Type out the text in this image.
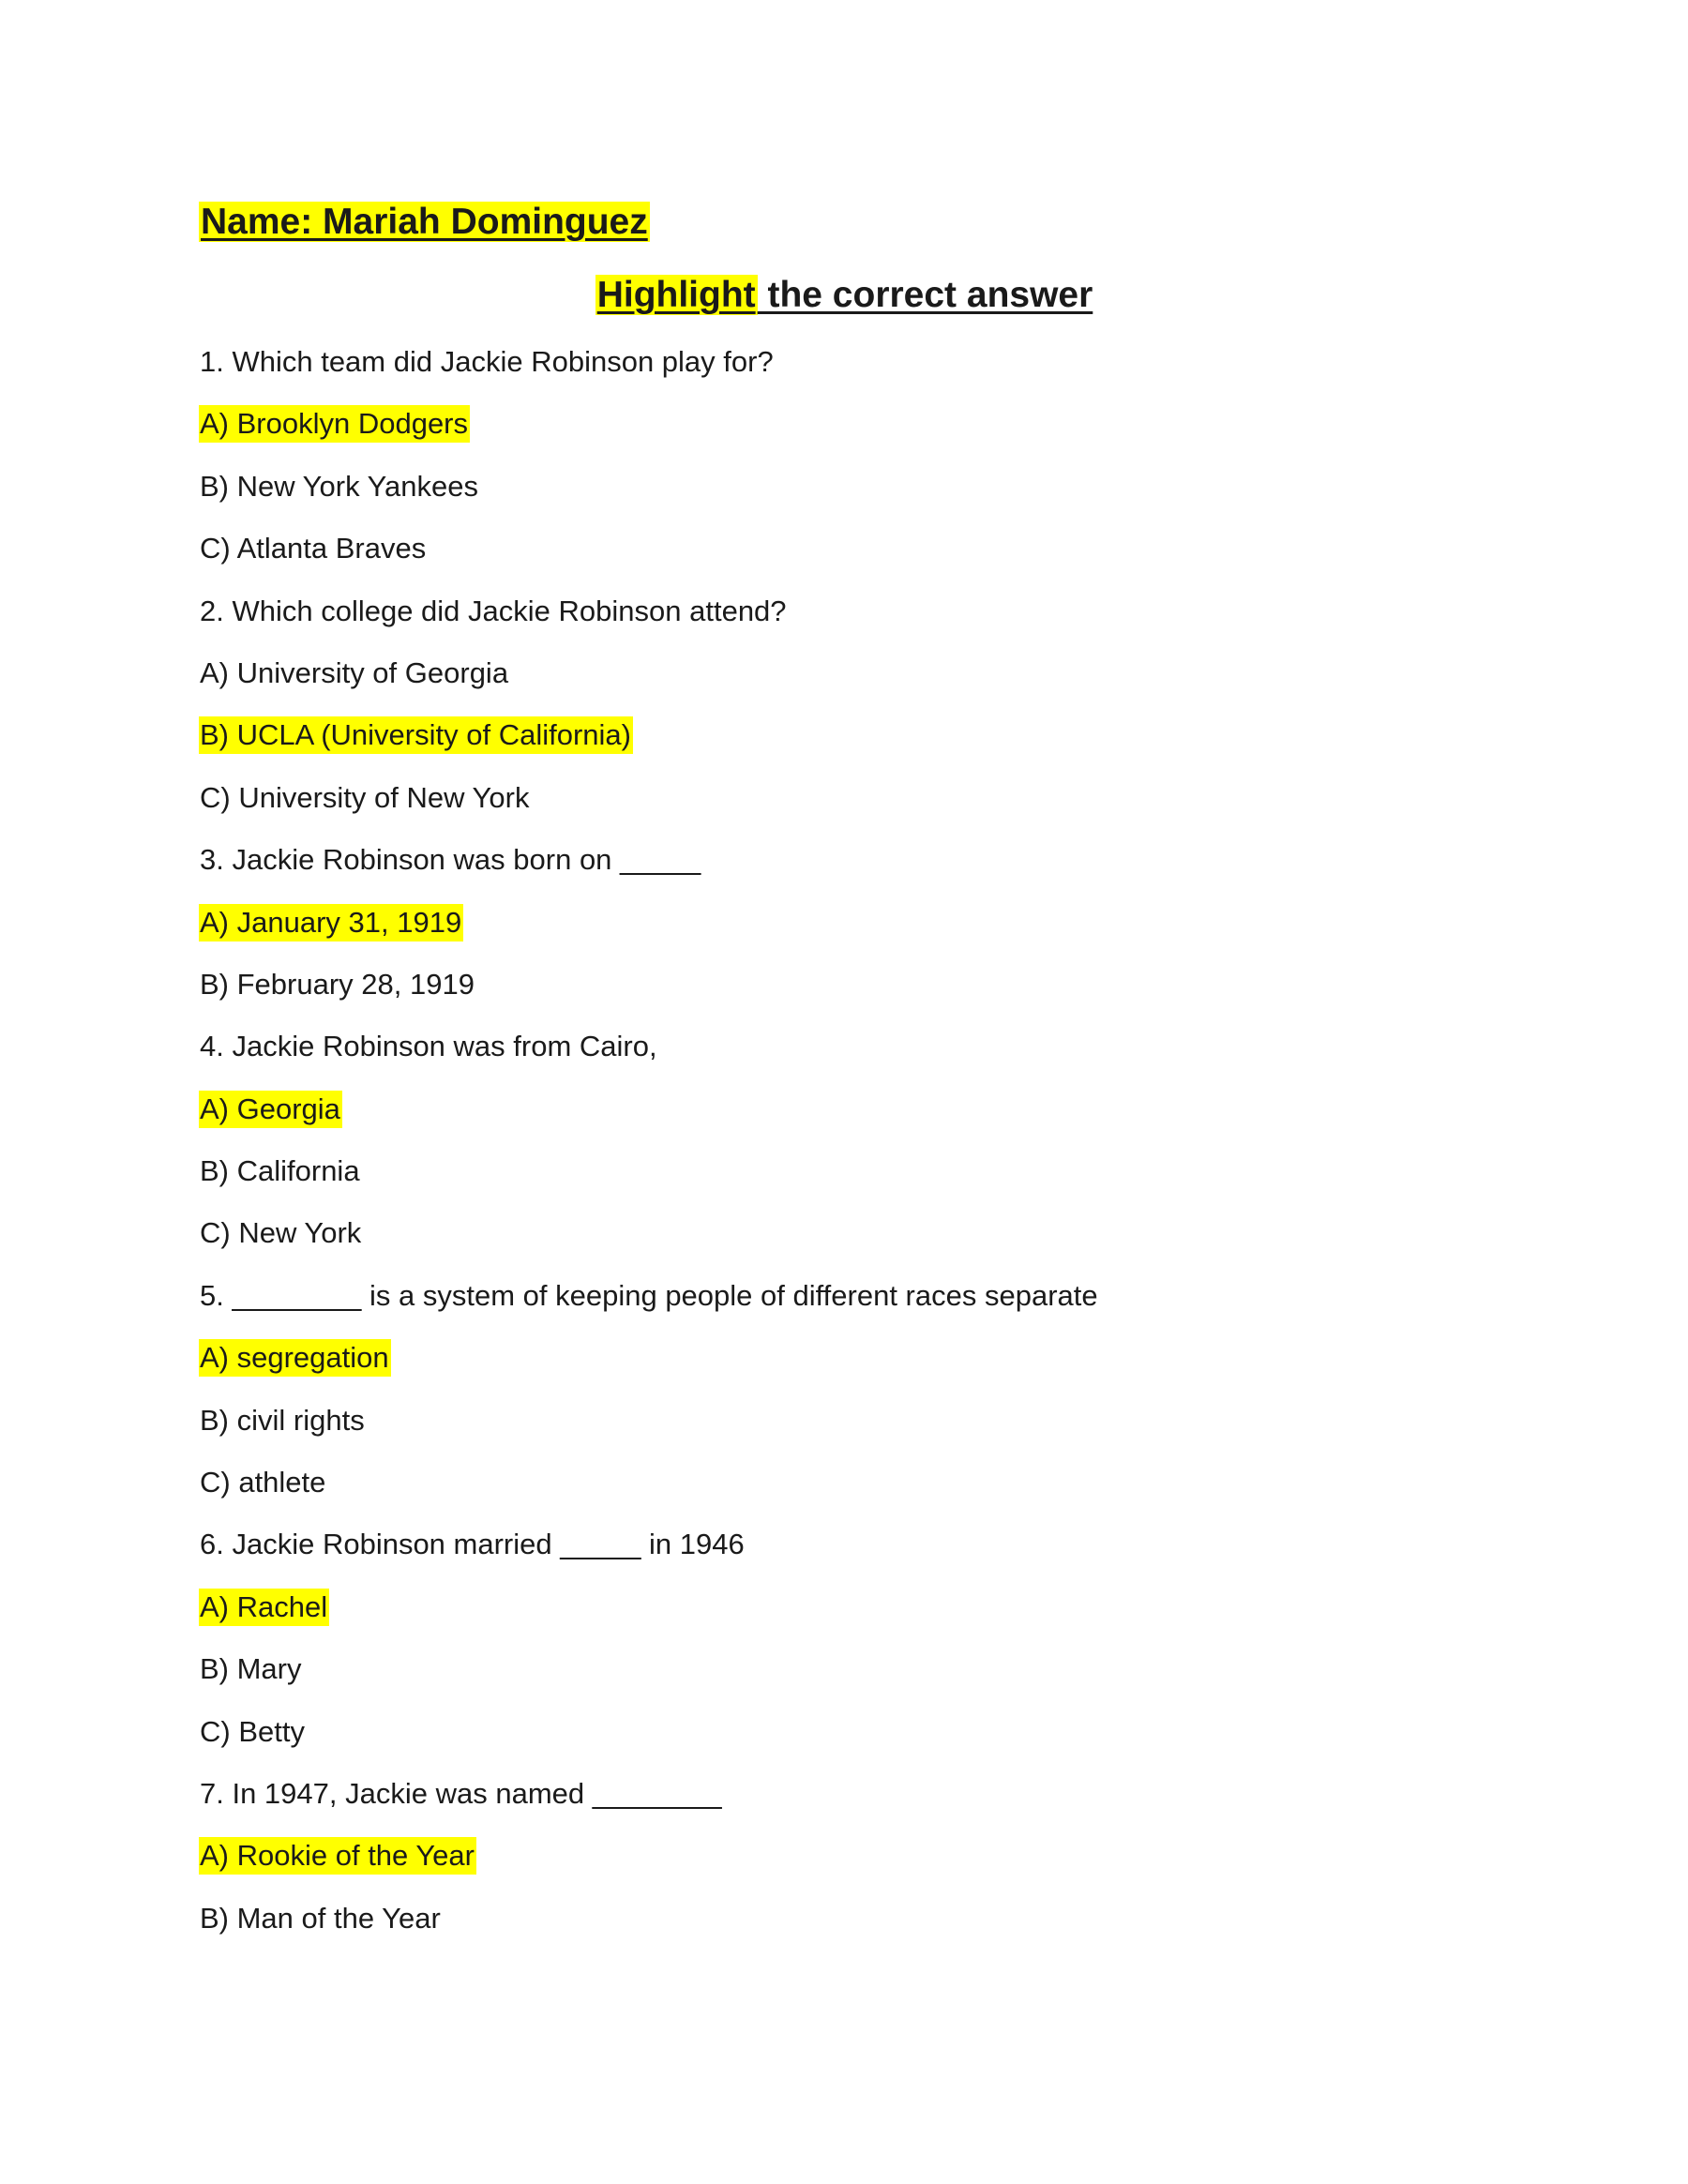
Name: Mariah Dominguez
Highlight the correct answer
1. Which team did Jackie Robinson play for?
A) Brooklyn Dodgers
B) New York Yankees
C) Atlanta Braves
2. Which college did Jackie Robinson attend?
A) University of Georgia
B) UCLA (University of California)
C) University of New York
3. Jackie Robinson was born on _____
A) January 31, 1919
B) February 28, 1919
4. Jackie Robinson was from Cairo,
A) Georgia
B) California
C) New York
5. ________ is a system of keeping people of different races separate
A) segregation
B) civil rights
C) athlete
6. Jackie Robinson married _____ in 1946
A) Rachel
B) Mary
C) Betty
7. In 1947, Jackie was named ________
A) Rookie of the Year
B) Man of the Year
